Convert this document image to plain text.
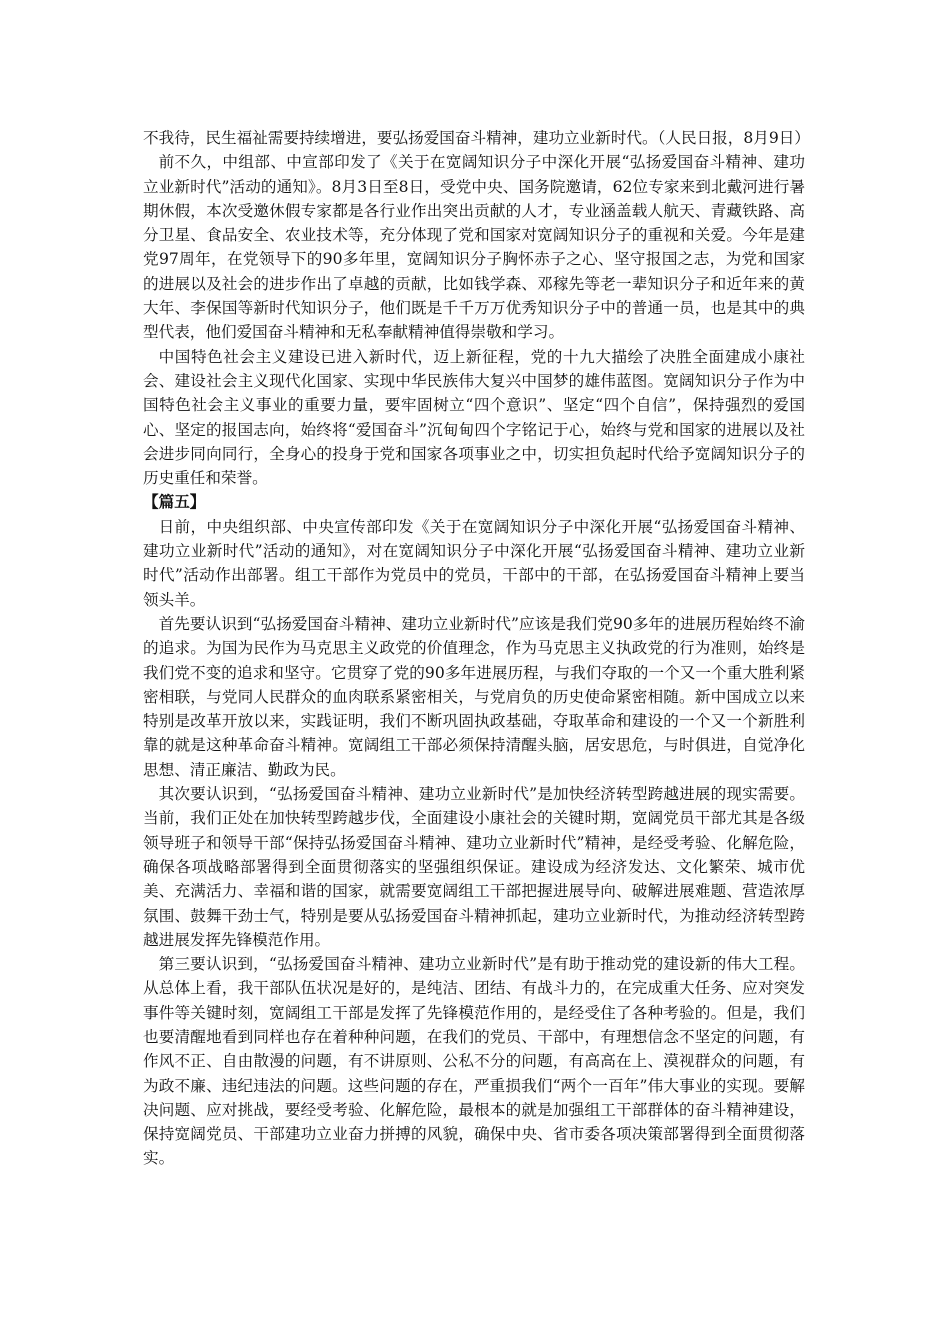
不我待，民生福祉需要持续增进，要弘扬爱国奋斗精神，建功立业新时代。（人民日报，8月9日）

前不久，中组部、中宣部印发了《关于在宽阔知识分子中深化开展“弘扬爱国奋斗精神、建功立业新时代”活动的通知》。8月3日至8日，受党中央、国务院邀请，62位专家来到北戴河进行暑期休假，本次受邀休假专家都是各行业作出突出贡献的人才，专业涵盖载人航天、青藏铁路、高分卫星、食品安全、农业技术等，充分体现了党和国家对宽阔知识分子的重视和关爱。今年是建党97周年，在党领导下的90多年里，宽阔知识分子胸怀赤子之心、坚守报国之志，为党和国家的进展以及社会的进步作出了卓越的贡献，比如钱学森、邓稼先等老一辈知识分子和近年来的黄大年、李保国等新时代知识分子，他们既是千千万万优秀知识分子中的普通一员，也是其中的典型代表，他们爱国奋斗精神和无私奉献精神值得崇敬和学习。

中国特色社会主义建设已进入新时代，迈上新征程，党的十九大描绘了决胜全面建成小康社会、建设社会主义现代化国家、实现中华民族伟大复兴中国梦的雄伟蓝图。宽阔知识分子作为中国特色社会主义事业的重要力量，要牢固树立“四个意识”、坚定“四个自信”，保持强烈的爱国心、坚定的报国志向，始终将“爱国奋斗”沉甸甸四个字铭记于心，始终与党和国家的进展以及社会进步同向同行，全身心的投身于党和国家各项事业之中，切实担负起时代给予宽阔知识分子的历史重任和荣誉。

【篇五】

日前，中央组织部、中央宣传部印发《关于在宽阔知识分子中深化开展“弘扬爱国奋斗精神、建功立业新时代”活动的通知》，对在宽阔知识分子中深化开展“弘扬爱国奋斗精神、建功立业新时代”活动作出部署。组工干部作为党员中的党员，干部中的干部，在弘扬爱国奋斗精神上要当领头羊。

首先要认识到“弘扬爱国奋斗精神、建功立业新时代”应该是我们党90多年的进展历程始终不渝的追求。为国为民作为马克思主义政党的价值理念，作为马克思主义执政党的行为准则，始终是我们党不变的追求和坚守。它贯穿了党的90多年进展历程，与我们夺取的一个又一个重大胜利紧密相联，与党同人民群众的血肉联系紧密相关，与党肩负的历史使命紧密相随。新中国成立以来特别是改革开放以来，实践证明，我们不断巩固执政基础，夺取革命和建设的一个又一个新胜利靠的就是这种革命奋斗精神。宽阔组工干部必须保持清醒头脑，居安思危，与时俱进，自觉净化思想、清正廉洁、勤政为民。

其次要认识到，“弘扬爱国奋斗精神、建功立业新时代”是加快经济转型跨越进展的现实需要。当前，我们正处在加快转型跨越步伐，全面建设小康社会的关键时期，宽阔党员干部尤其是各级领导班子和领导干部“保持弘扬爱国奋斗精神、建功立业新时代”精神，是经受考验、化解危险，确保各项战略部署得到全面贯彻落实的坚强组织保证。建设成为经济发达、文化繁荣、城市优美、充满活力、幸福和谐的国家，就需要宽阔组工干部把握进展导向、破解进展难题、营造浓厚氛围、鼓舞干劲士气，特别是要从弘扬爱国奋斗精神抓起，建功立业新时代，为推动经济转型跨越进展发挥先锋模范作用。

第三要认识到，“弘扬爱国奋斗精神、建功立业新时代”是有助于推动党的建设新的伟大工程。从总体上看，我干部队伍状况是好的，是纯洁、团结、有战斗力的，在完成重大任务、应对突发事件等关键时刻，宽阔组工干部是发挥了先锋模范作用的，是经受住了各种考验的。但是，我们也要清醒地看到同样也存在着种种问题，在我们的党员、干部中，有理想信念不坚定的问题，有作风不正、自由散漫的问题，有不讲原则、公私不分的问题，有高高在上、漠视群众的问题，有为政不廉、违纪违法的问题。这些问题的存在，严重损我们“两个一百年”伟大事业的实现。要解决问题、应对挑战，要经受考验、化解危险，最根本的就是加强组工干部群体的奋斗精神建设，保持宽阔党员、干部建功立业奋力拼搏的风貌，确保中央、省市委各项决策部署得到全面贯彻落实。
